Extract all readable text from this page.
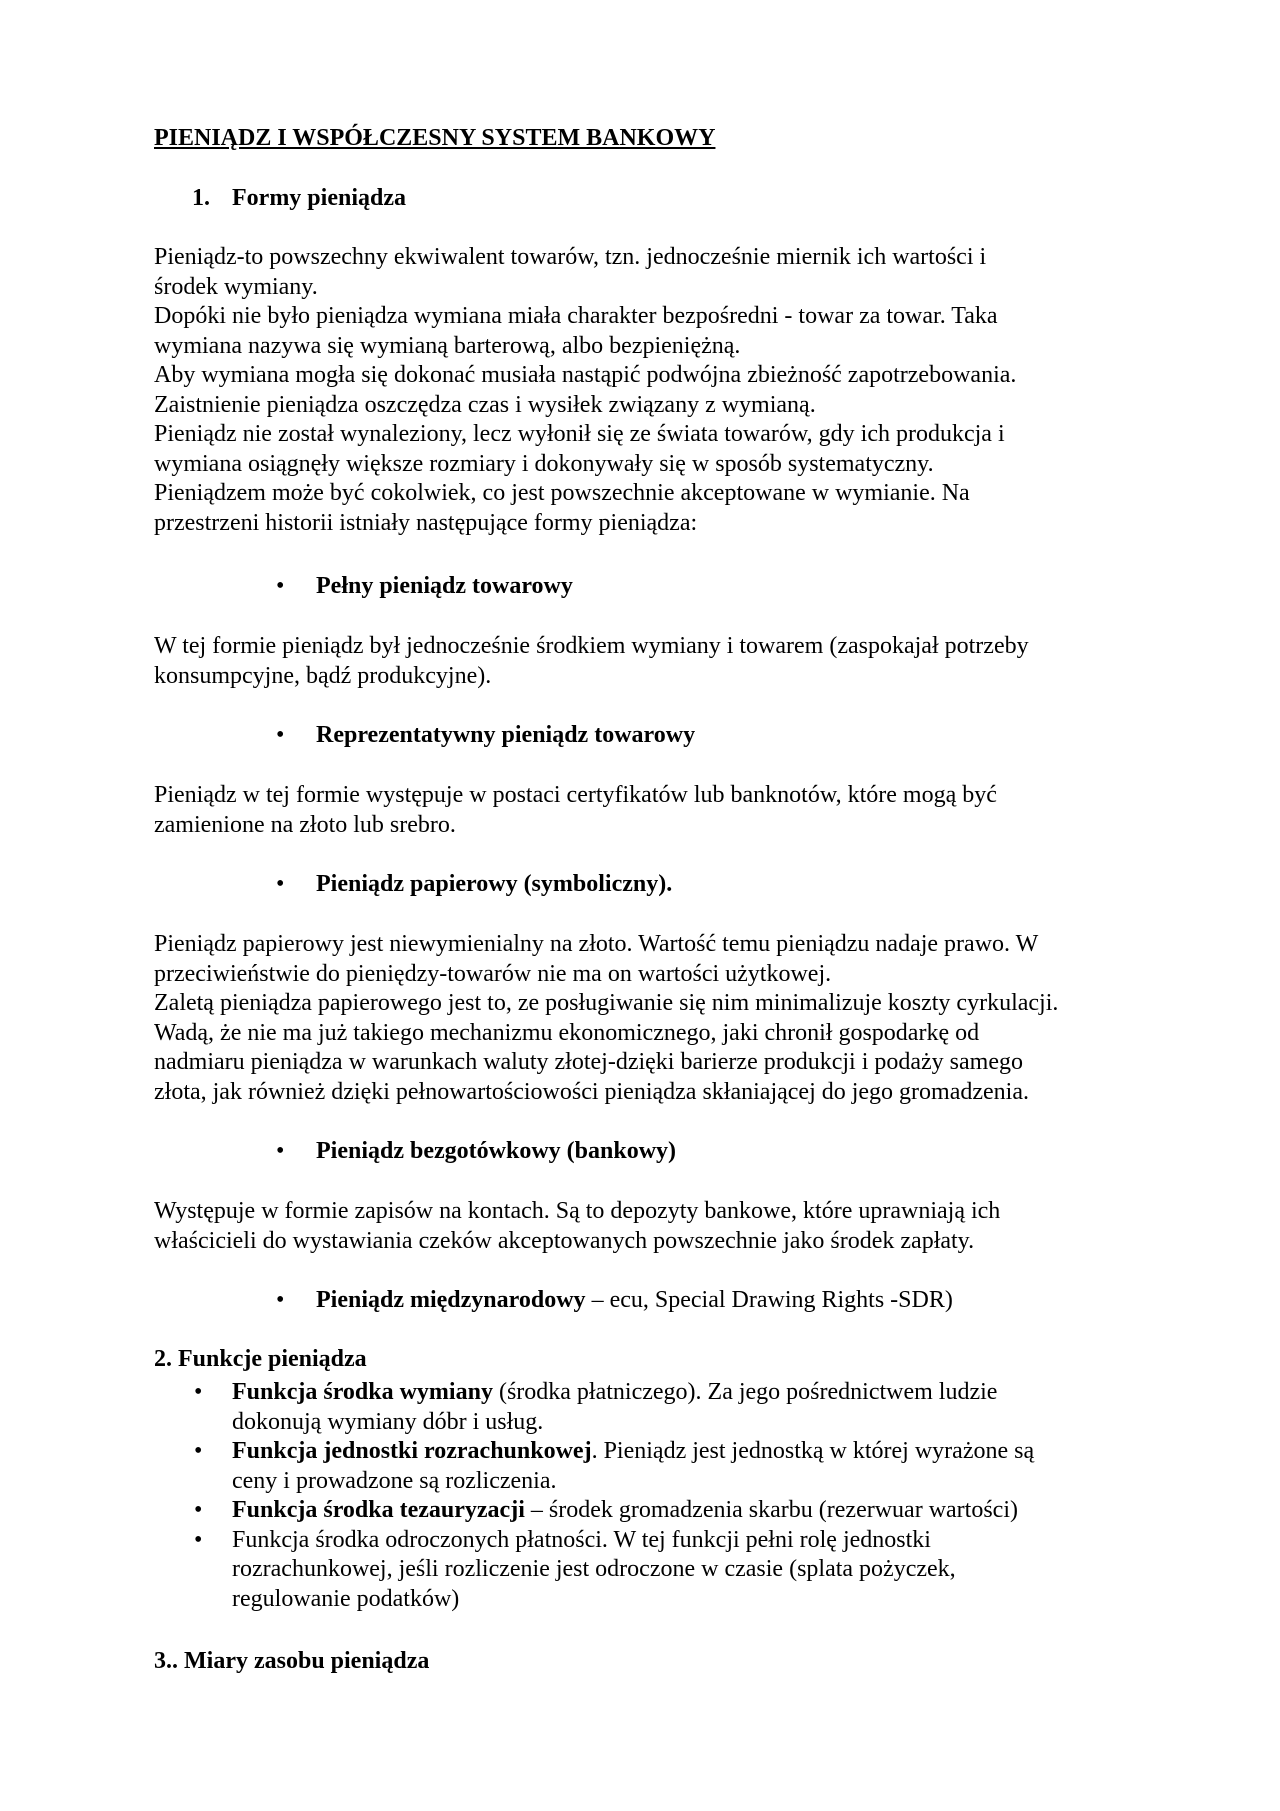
PIENIĄDZ I WSPÓŁCZESNY SYSTEM BANKOWY
1. Formy pieniądza

Pieniądz-to powszechny ekwiwalent towarów, tzn. jednocześnie miernik ich wartości i

środek wymiany.

Dopóki nie było pieniądza wymiana miała charakter bezpośredni - towar za towar. Taka

wymiana nazywa się wymianą barterową, albo bezpieniężną.

Aby wymiana mogła się dokonać musiała nastąpić podwójna zbieżność zapotrzebowania.

Zaistnienie pieniądza oszczędza czas i wysiłek związany z wymianą.

Pieniądz nie został wynaleziony, lecz wyłonił się ze świata towarów, gdy ich produkcja i

wymiana osiągnęły większe rozmiary i dokonywały się w sposób systematyczny.

Pieniądzem może być cokolwiek, co jest powszechnie akceptowane w wymianie. Na

przestrzeni historii istniały następujące formy pieniądza:

• Pełny pieniądz towarowy

W tej formie pieniądz był jednocześnie środkiem wymiany i towarem (zaspokajał potrzeby

konsumpcyjne, bądź produkcyjne).

• Reprezentatywny pieniądz towarowy

Pieniądz w tej formie występuje w postaci certyfikatów lub banknotów, które mogą być

zamienione na złoto lub srebro.

• Pieniądz papierowy (symboliczny).

Pieniądz papierowy jest niewymienialny na złoto. Wartość temu pieniądzu nadaje prawo. W

przeciwieństwie do pieniędzy-towarów nie ma on wartości użytkowej.

Zaletą pieniądza papierowego jest to, ze posługiwanie się nim minimalizuje koszty cyrkulacji.

Wadą, że nie ma już takiego mechanizmu ekonomicznego, jaki chronił gospodarkę od

nadmiaru pieniądza w warunkach waluty złotej-dzięki barierze produkcji i podaży samego

złota, jak również dzięki pełnowartościowości pieniądza skłaniającej do jego gromadzenia.

• Pieniądz bezgotówkowy (bankowy)

Występuje w formie zapisów na kontach. Są to depozyty bankowe, które uprawniają ich

właścicieli do wystawiania czeków akceptowanych powszechnie jako środek zapłaty.

• Pieniądz międzynarodowy – ecu, Special Drawing Rights -SDR)
2. Funkcje pieniądza
• Funkcja środka wymiany (środka płatniczego). Za jego pośrednictwem ludzie

dokonują wymiany dóbr i usług.

• Funkcja jednostki rozrachunkowej. Pieniądz jest jednostką w której wyrażone są

ceny i prowadzone są rozliczenia.

• Funkcja środka tezauryzacji – środek gromadzenia skarbu (rezerwuar wartości)

• Funkcja środka odroczonych płatności. W tej funkcji pełni rolę jednostki

rozrachunkowej, jeśli rozliczenie jest odroczone w czasie (splata pożyczek,

regulowanie podatków)

3.. Miary zasobu pieniądza
